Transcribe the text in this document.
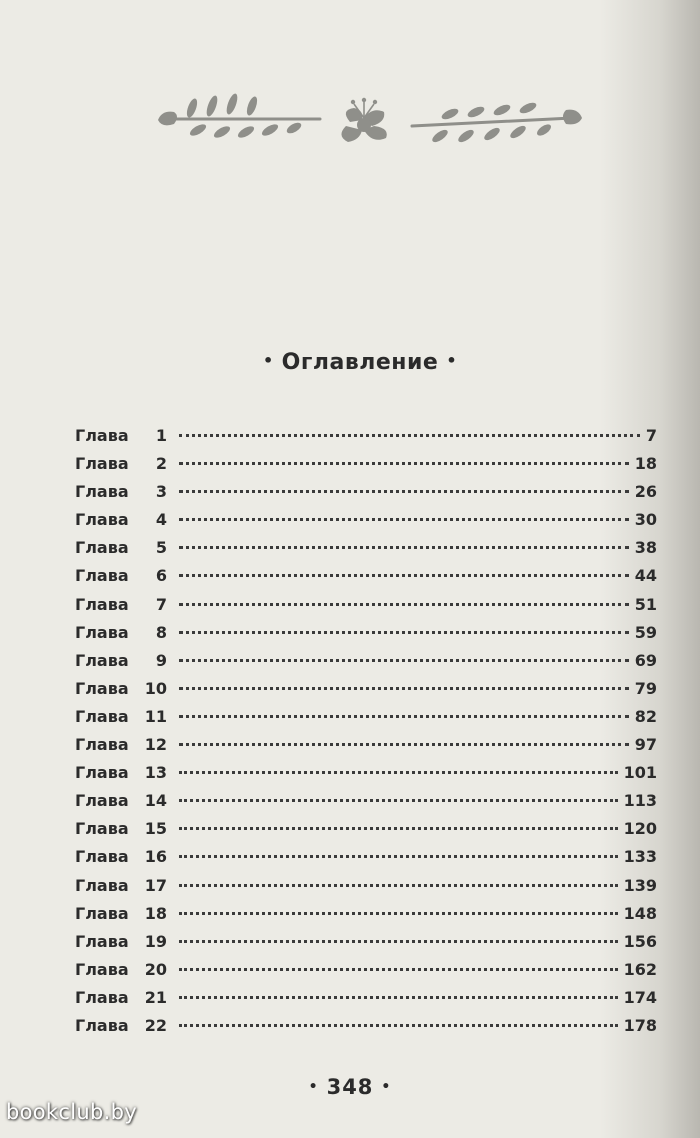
• Оглавление •
Глава 1	7
Глава 2	18
Глава 3	26
Глава 4	30
Глава 5	38
Глава 6	44
Глава 7	51
Глава 8	59
Глава 9	69
Глава 10	79
Глава 11	82
Глава 12	97
Глава 13	101
Глава 14	113
Глава 15	120
Глава 16	133
Глава 17	139
Глава 18	148
Глава 19	156
Глава 20	162
Глава 21	174
Глава 22	178
• 348 •
bookclub.by
